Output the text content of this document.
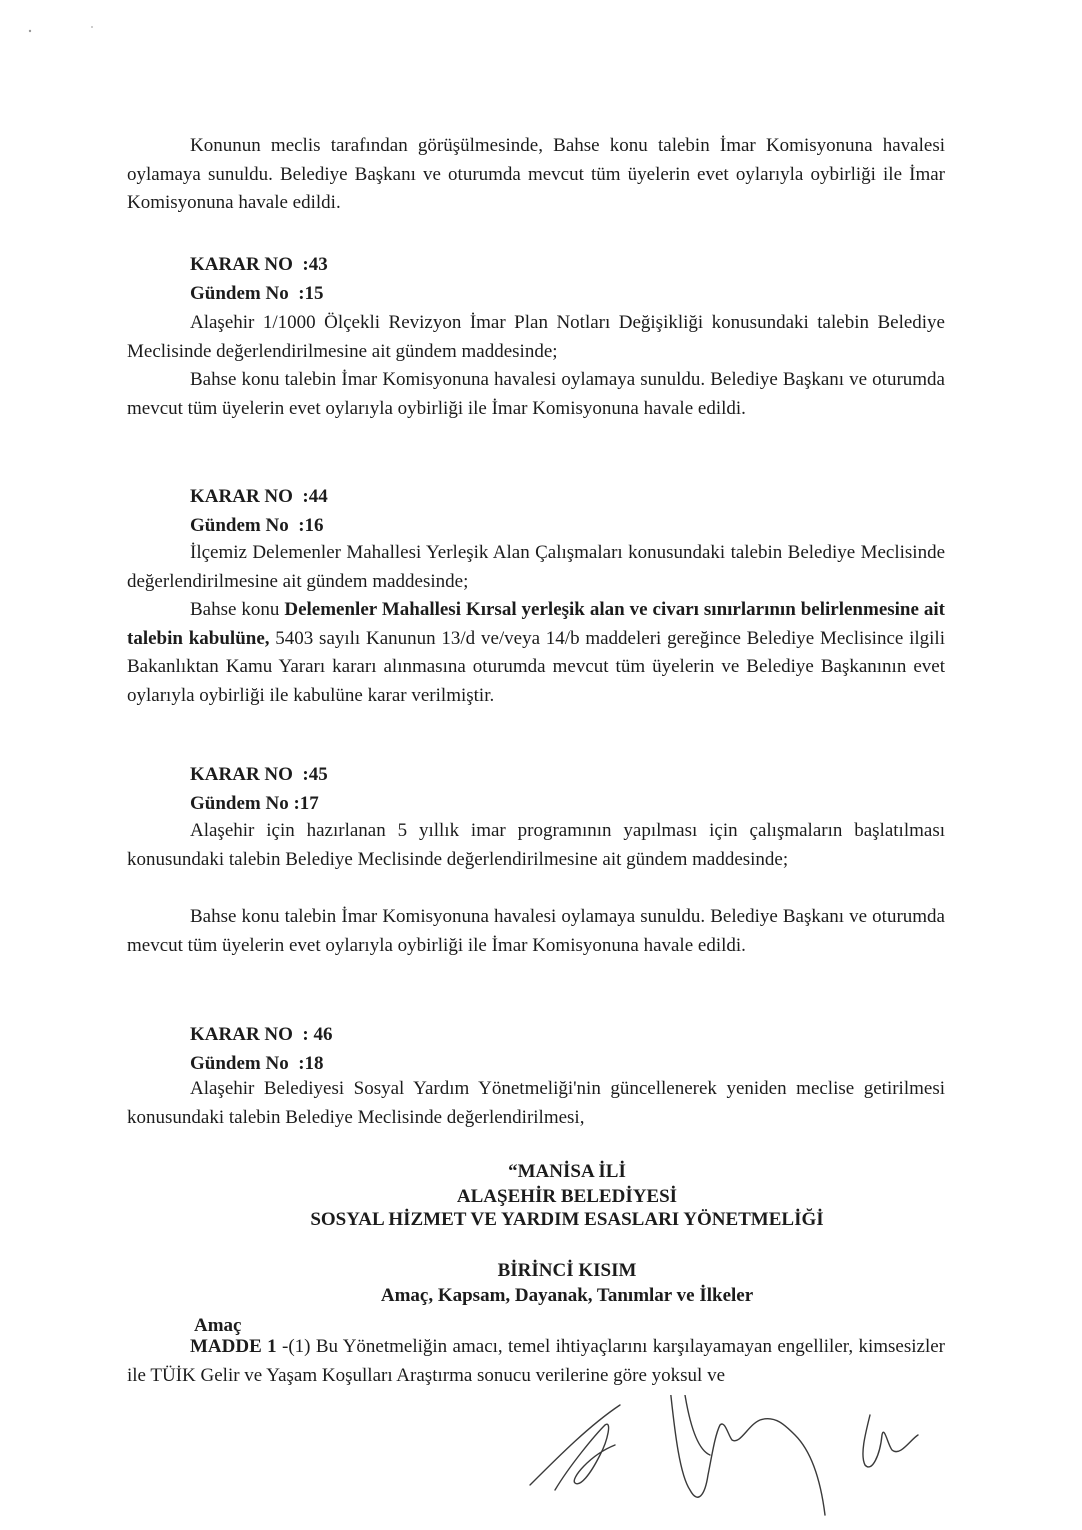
Konunun meclis tarafından görüşülmesinde, Bahse konu talebin İmar Komisyonuna havalesi oylamaya sunuldu. Belediye Başkanı ve oturumda mevcut tüm üyelerin evet oylarıyla oybirliği ile İmar Komisyonuna havale edildi.
KARAR NO  :43
Gündem No  :15
Alaşehir 1/1000 Ölçekli Revizyon İmar Plan Notları Değişikliği konusundaki talebin Belediye Meclisinde değerlendirilmesine ait gündem maddesinde;
Bahse konu talebin İmar Komisyonuna havalesi oylamaya sunuldu. Belediye Başkanı ve oturumda mevcut tüm üyelerin evet oylarıyla oybirliği ile İmar Komisyonuna havale edildi.
KARAR NO  :44
Gündem No  :16
İlçemiz Delemenler Mahallesi Yerleşik Alan Çalışmaları konusundaki talebin Belediye Meclisinde değerlendirilmesine ait gündem maddesinde;
Bahse konu Delemenler Mahallesi Kırsal yerleşik alan ve civarı sınırlarının belirlenmesine ait talebin kabulüne, 5403 sayılı Kanunun 13/d ve/veya 14/b maddeleri gereğince Belediye Meclisince ilgili Bakanlıktan Kamu Yararı kararı alınmasına oturumda mevcut tüm üyelerin ve Belediye Başkanının evet oylarıyla oybirliği ile kabulüne karar verilmiştir.
KARAR NO  :45
Gündem No :17
Alaşehir için hazırlanan 5 yıllık imar programının yapılması için çalışmaların başlatılması konusundaki talebin Belediye Meclisinde değerlendirilmesine ait gündem maddesinde;
Bahse konu talebin İmar Komisyonuna havalesi oylamaya sunuldu. Belediye Başkanı ve oturumda mevcut tüm üyelerin evet oylarıyla oybirliği ile İmar Komisyonuna havale edildi.
KARAR NO  : 46
Gündem No  :18
Alaşehir Belediyesi Sosyal Yardım Yönetmeliği'nin güncellenerek yeniden meclise getirilmesi konusundaki talebin Belediye Meclisinde değerlendirilmesi,
“MANİSA İLİ
ALAŞEHİR BELEDİYESİ
SOSYAL HİZMET VE YARDIM ESASLARI YÖNETMELİĞİ
BİRİNCİ KISIM
Amaç, Kapsam, Dayanak, Tanımlar ve İlkeler
Amaç
MADDE 1 -(1) Bu Yönetmeliğin amacı, temel ihtiyaçlarını karşılayamayan engelliler, kimsesizler ile TÜİK Gelir ve Yaşam Koşulları Araştırma sonucu verilerine göre yoksul ve
